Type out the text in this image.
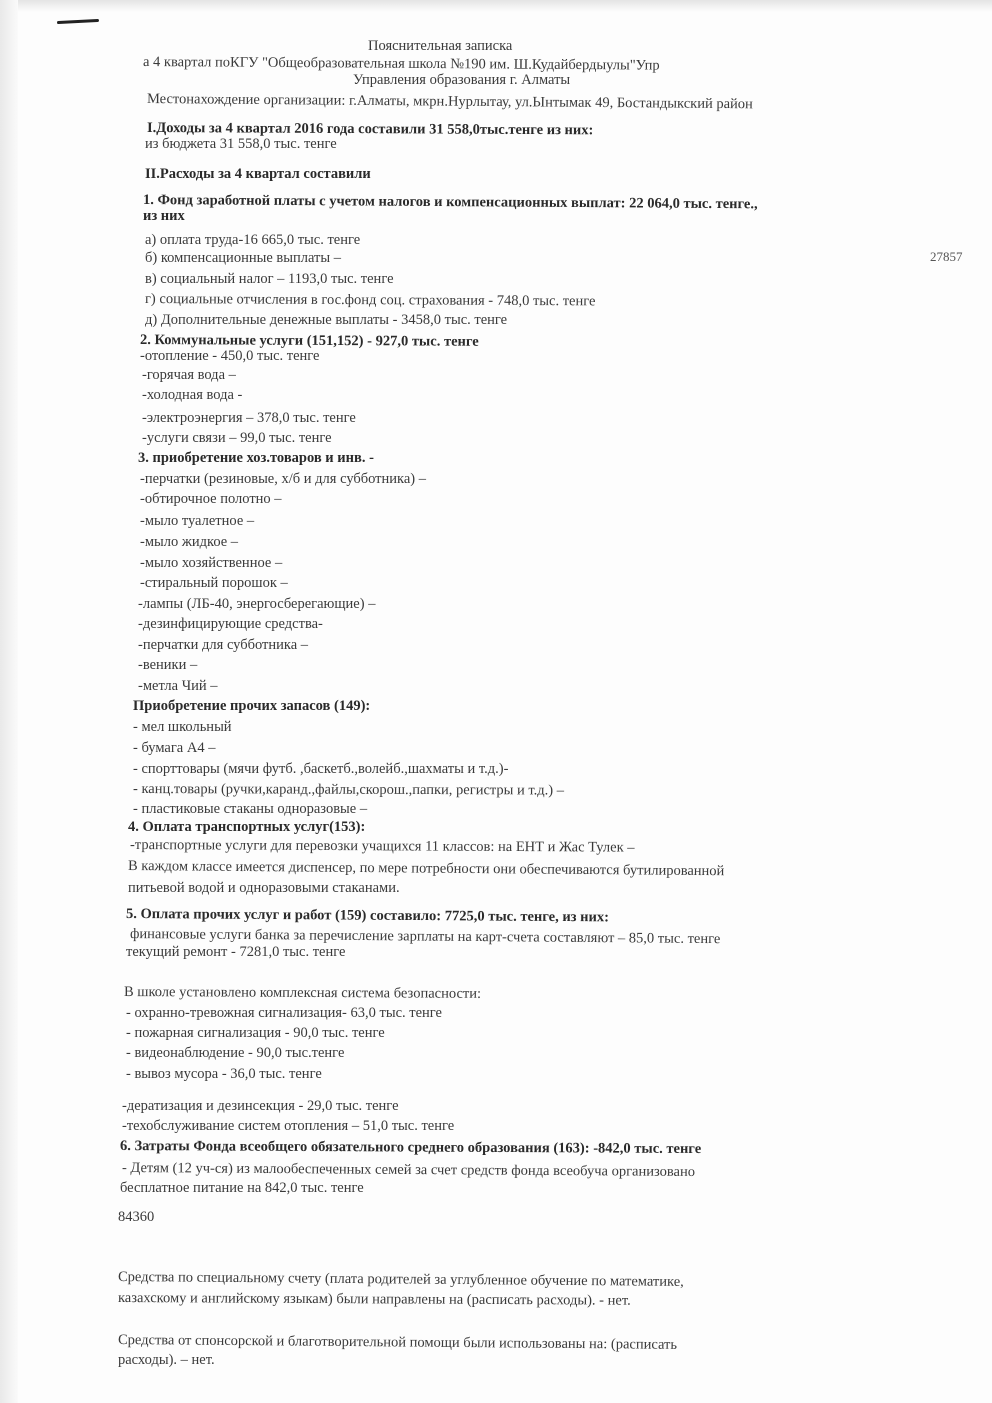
Пояснительная записка
а 4 квартал поКГУ "Общеобразовательная школа №190 им. Ш.Кудайбердыулы"Упр
Управления образования г. Алматы
Местонахождение организации: г.Алматы, мкрн.Нурлытау, ул.Ынтымак 49, Бостандыкский район
I.Доходы за 4 квартал 2016 года составили 31 558,0тыс.тенге из них:
из бюджета 31 558,0 тыс. тенге
II.Расходы за 4 квартал составили
1. Фонд заработной платы с учетом налогов и компенсационных выплат: 22 064,0 тыс. тенге.,
из них
а) оплата труда-16 665,0 тыс. тенге
б) компенсационные выплаты –
в) социальный налог – 1193,0 тыс. тенге
г) социальные отчисления в гос.фонд соц. страхования - 748,0 тыс. тенге
д) Дополнительные денежные выплаты - 3458,0 тыс. тенге
27857
2. Коммунальные услуги (151,152) - 927,0 тыс. тенге
-отопление - 450,0 тыс. тенге
-горячая вода –
-холодная вода -
-электроэнергия – 378,0 тыс. тенге
-услуги связи – 99,0 тыс. тенге
3. приобретение хоз.товаров и инв. -
-перчатки (резиновые, х/б и для субботника) –
-обтирочное полотно –
-мыло туалетное –
-мыло жидкое –
-мыло хозяйственное –
-стиральный порошок –
-лампы (ЛБ-40, энергосберегающие) –
-дезинфицирующие средства-
-перчатки для субботника –
-веники –
-метла Чий –
Приобретение прочих запасов (149):
- мел школьный
- бумага А4 –
- спорттовары (мячи футб. ,баскетб.,волейб.,шахматы и т.д.)-
- канц.товары (ручки,каранд.,файлы,скорош.,папки, регистры и т.д.) –
- пластиковые стаканы одноразовые –
4. Оплата транспортных услуг(153):
-транспортные услуги для перевозки учащихся 11 классов: на ЕНТ и Жас Тулек –
В каждом классе имеется диспенсер, по мере потребности они обеспечиваются бутилированной
питьевой водой и одноразовыми стаканами.
5. Оплата прочих услуг и работ (159) составило: 7725,0 тыс. тенге, из них:
финансовые услуги банка за перечисление зарплаты на карт-счета составляют – 85,0 тыс. тенге
текущий ремонт - 7281,0 тыс. тенге
В школе установлено комплексная система безопасности:
- охранно-тревожная сигнализация- 63,0 тыс. тенге
- пожарная сигнализация - 90,0 тыс. тенге
- видеонаблюдение - 90,0 тыс.тенге
- вывоз мусора - 36,0 тыс. тенге
-дератизация и дезинсекция - 29,0 тыс. тенге
-техобслуживание систем отопления – 51,0 тыс. тенге
6. Затраты Фонда всеобщего обязательного среднего образования (163): -842,0 тыс. тенге
- Детям (12 уч-ся) из малообеспеченных семей за счет средств фонда всеобуча организовано
бесплатное питание на 842,0 тыс. тенге
84360
Средства по специальному счету (плата родителей за углубленное обучение по математике,
казахскому и английскому языкам) были направлены на (расписать расходы). - нет.
Средства от спонсорской и благотворительной помощи были использованы на: (расписать
расходы). – нет.
